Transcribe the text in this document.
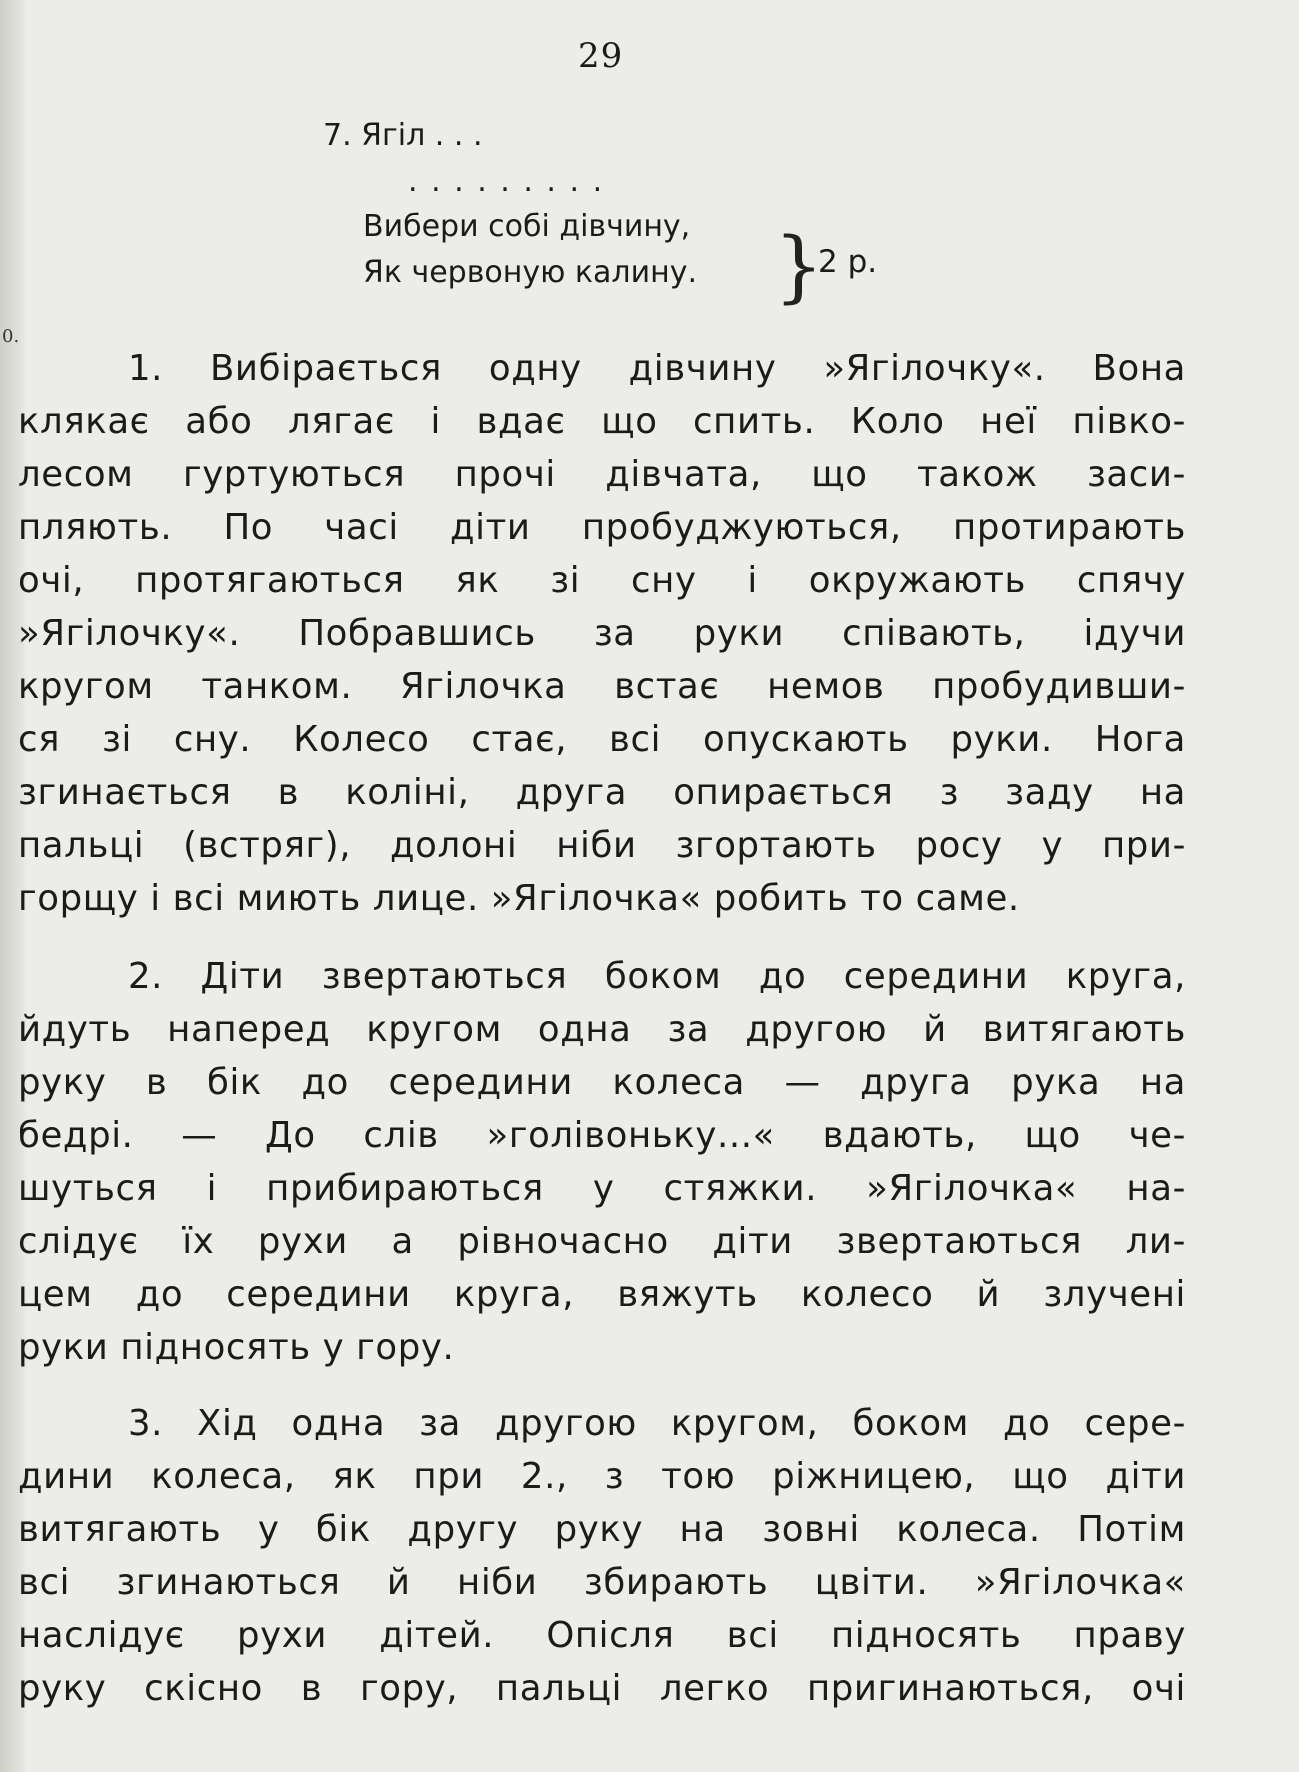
0.
29
7. Ягіл . . .
. . . . . . . . .
Вибери собі дівчину,
Як червоную калину. }
2 р.
1. Вибірається одну дівчину »Ягілочку«. Вона
клякає або лягає і вдає що спить. Коло неї півко-
лесом гуртуються прочі дівчата, що також заси-
пляють. По часі діти пробуджуються, протирають
очі, протягаються як зі сну і окружають спячу
»Ягілочку«. Побравшись за руки співають, ідучи
кругом танком. Ягілочка встає немов пробудивши-
ся зі сну. Колесо стає, всі опускають руки. Нога
згинається в коліні, друга опирається з заду на
пальці (встряг), долоні ніби згортають росу у при-
горщу і всі миють лице. »Ягілочка« робить то саме.
2. Діти звертаються боком до середини круга,
йдуть наперед кругом одна за другою й витягають
руку в бік до середини колеса — друга рука на
бедрі. — До слів »голівоньку...« вдають, що че-
шуться і прибираються у стяжки. »Ягілочка« на-
слідує їх рухи а рівночасно діти звертаються ли-
цем до середини круга, вяжуть колесо й злучені
руки підносять у гору.
3. Хід одна за другою кругом, боком до сере-
дини колеса, як при 2., з тою ріжницею, що діти
витягають у бік другу руку на зовні колеса. Потім
всі згинаються й ніби збирають цвіти. »Ягілочка«
наслідує рухи дітей. Опісля всі підносять праву
руку скісно в гору, пальці легко пригинаються, очі
